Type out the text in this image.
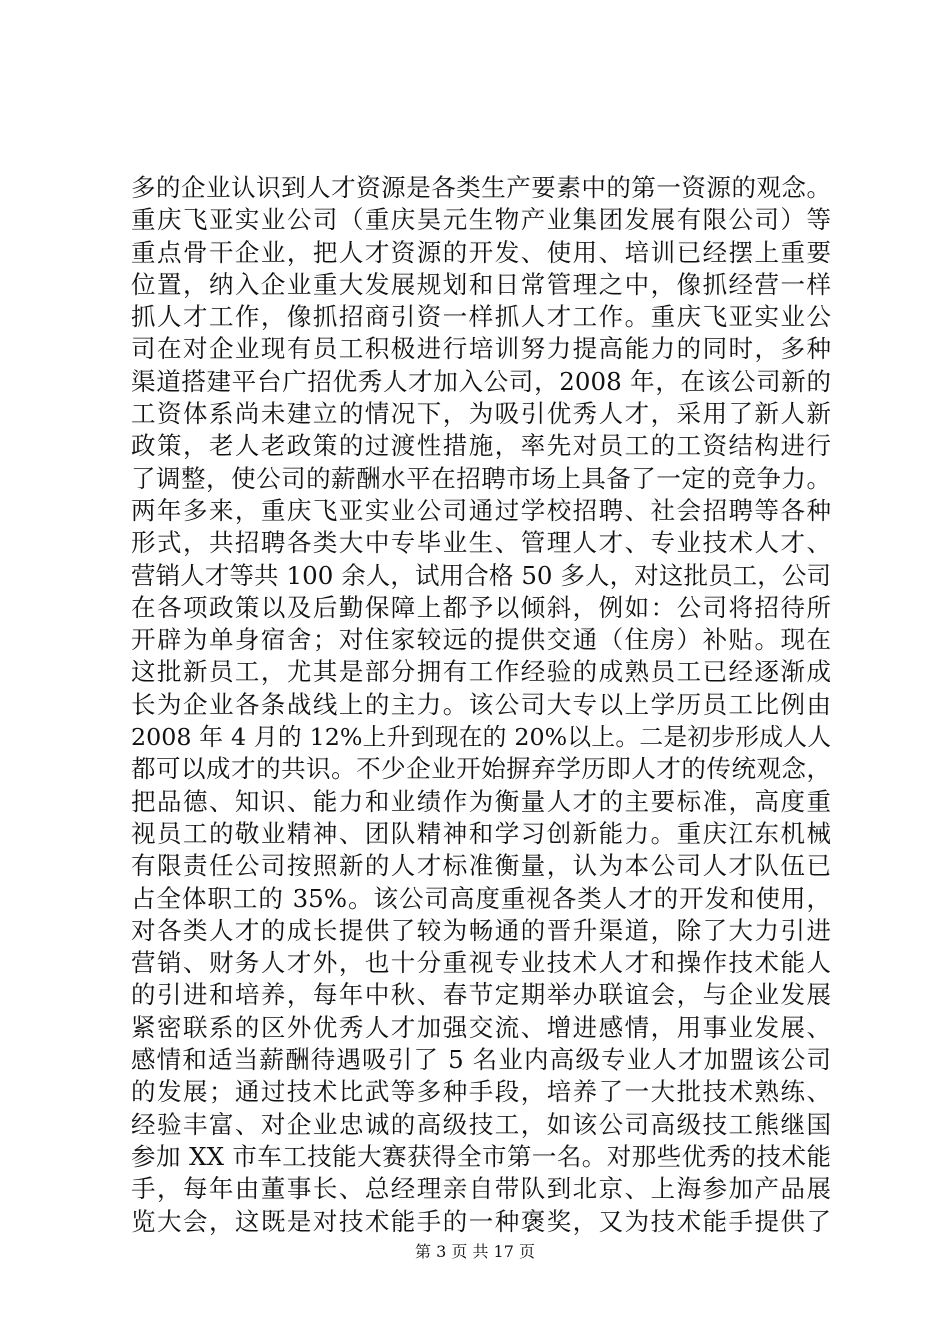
多的企业认识到人才资源是各类生产要素中的第一资源的观念。
重庆飞亚实业公司（重庆昊元生物产业集团发展有限公司）等
重点骨干企业，把人才资源的开发、使用、培训已经摆上重要
位置，纳入企业重大发展规划和日常管理之中，像抓经营一样
抓人才工作，像抓招商引资一样抓人才工作。重庆飞亚实业公
司在对企业现有员工积极进行培训努力提高能力的同时，多种
渠道搭建平台广招优秀人才加入公司，2008 年，在该公司新的
工资体系尚未建立的情况下，为吸引优秀人才，采用了新人新
政策，老人老政策的过渡性措施，率先对员工的工资结构进行
了调整，使公司的薪酬水平在招聘市场上具备了一定的竞争力。
两年多来，重庆飞亚实业公司通过学校招聘、社会招聘等各种
形式，共招聘各类大中专毕业生、管理人才、专业技术人才、
营销人才等共 100 余人，试用合格 50 多人，对这批员工，公司
在各项政策以及后勤保障上都予以倾斜，例如：公司将招待所
开辟为单身宿舍；对住家较远的提供交通（住房）补贴。现在
这批新员工，尤其是部分拥有工作经验的成熟员工已经逐渐成
长为企业各条战线上的主力。该公司大专以上学历员工比例由
2008 年 4 月的 12%上升到现在的 20%以上。二是初步形成人人
都可以成才的共识。不少企业开始摒弃学历即人才的传统观念，
把品德、知识、能力和业绩作为衡量人才的主要标准，高度重
视员工的敬业精神、团队精神和学习创新能力。重庆江东机械
有限责任公司按照新的人才标准衡量，认为本公司人才队伍已
占全体职工的 35%。该公司高度重视各类人才的开发和使用，
对各类人才的成长提供了较为畅通的晋升渠道，除了大力引进
营销、财务人才外，也十分重视专业技术人才和操作技术能人
的引进和培养，每年中秋、春节定期举办联谊会，与企业发展
紧密联系的区外优秀人才加强交流、增进感情，用事业发展、
感情和适当薪酬待遇吸引了 5 名业内高级专业人才加盟该公司
的发展；通过技术比武等多种手段，培养了一大批技术熟练、
经验丰富、对企业忠诚的高级技工，如该公司高级技工熊继国
参加 XX 市车工技能大赛获得全市第一名。对那些优秀的技术能
手，每年由董事长、总经理亲自带队到北京、上海参加产品展
览大会，这既是对技术能手的一种褒奖，又为技术能手提供了
第 3 页 共 17 页
